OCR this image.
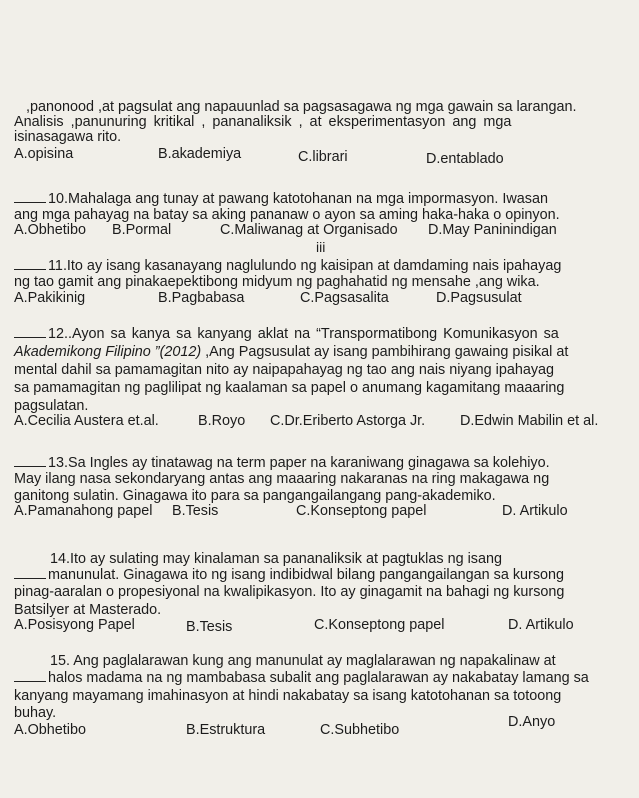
,panonood ,at pagsulat ang napauunlad sa pagsasagawa ng mga gawain sa larangan.
Analisis ,panunuring kritikal , pananaliksik , at eksperimentasyon ang mga
isinasagawa rito.
A.opisina	B.akademiya	C.librari	D.entablado
10.Mahalaga ang tunay at pawang katotohanan na mga impormasyon. Iwasan
ang mga pahayag na batay sa aking pananaw o ayon sa aming haka-haka o opinyon.
A.Obhetibo B.Pormal	C.Maliwanag at Organisado D.May Paninindigan
iii
11.Ito ay isang kasanayang naglulundo ng kaisipan at damdaming nais ipahayag
ng tao gamit ang pinakaepektibong midyum ng paghahatid ng mensahe ,ang wika.
A.Pakikinig	B.Pagbabasa	C.Pagsasalita	D.Pagsusulat
12..Ayon sa kanya sa kanyang aklat na “Transpormatibong Komunikasyon sa
Akademikong Filipino ”(2012) ,Ang Pagsusulat ay isang pambihirang gawaing pisikal at
mental dahil sa pamamagitan nito ay naipapahayag ng tao ang nais niyang ipahayag
sa pamamagitan ng paglilipat ng kaalaman sa papel o anumang kagamitang maaaring
pagsulatan.
A.Cecilia Austera et.al.	B.Royo C.Dr.Eriberto Astorga Jr. D.Edwin Mabilin et al.
13.Sa Ingles ay tinatawag na term paper na karaniwang ginagawa sa kolehiyo.
May ilang nasa sekondaryang antas ang maaaring nakaranas na ring makagawa ng
ganitong sulatin. Ginagawa ito para sa pangangailangang pang-akademiko.
A.Pamanahong papel B.Tesis	C.Konseptong papel	D. Artikulo
14.Ito ay sulating may kinalaman sa pananaliksik at pagtuklas ng isang
manunulat. Ginagawa ito ng isang indibidwal bilang pangangailangan sa kursong
pinag-aaralan o propesiyonal na kwalipikasyon. Ito ay ginagamit na bahagi ng kursong
Batsilyer at Masterado.
A.Posisyong Papel	B.Tesis	C.Konseptong papel	D. Artikulo
15. Ang paglalarawan kung ang manunulat ay maglalarawan ng napakalinaw at
halos madama na ng mambabasa subalit ang paglalarawan ay nakabatay lamang sa
kanyang mayamang imahinasyon at hindi nakabatay sa isang katotohanan sa totoong
buhay.
A.Obhetibo	B.Estruktura	C.Subhetibo	D.Anyo
